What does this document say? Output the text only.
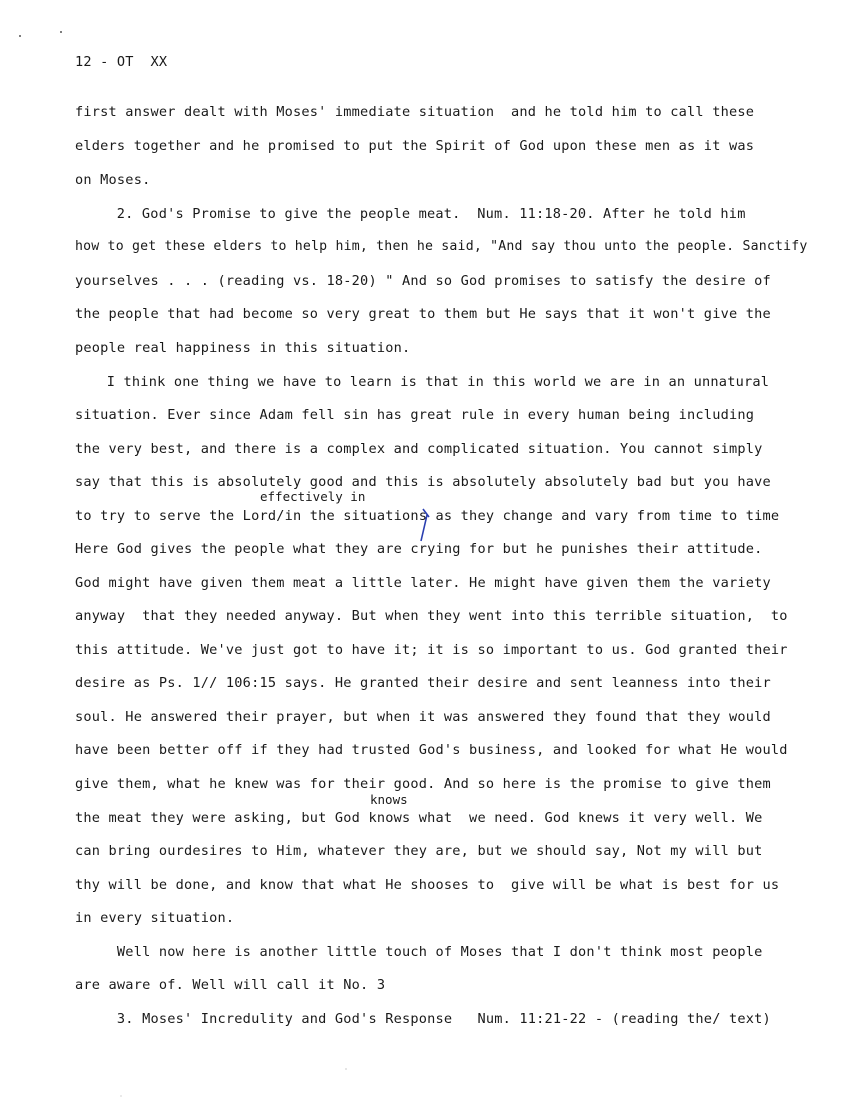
12 - OT  XX
first answer dealt with Moses' immediate situation  and he told him to call these
elders together and he promised to put the Spirit of God upon these men as it was
on Moses.
2. God's Promise to give the people meat.  Num. 11:18-20. After he told him
how to get these elders to help him, then he said, "And say thou unto the people. Sanctify
yourselves . . . (reading vs. 18-20) " And so God promises to satisfy the desire of
the people that had become so very great to them but He says that it won't give the
people real happiness in this situation.
I think one thing we have to learn is that in this world we are in an unnatural
situation. Ever since Adam fell sin has great rule in every human being including
the very best, and there is a complex and complicated situation. You cannot simply
say that this is absolutely good and this is absolutely absolutely bad but you have
effectively in
to try to serve the Lord/in the situations as they change and vary from time to time
Here God gives the people what they are crying for but he punishes their attitude.
God might have given them meat a little later. He might have given them the variety
anyway  that they needed anyway. But when they went into this terrible situation,  to
this attitude. We've just got to have it; it is so important to us. God granted their
desire as Ps. 1// 106:15 says. He granted their desire and sent leanness into their
soul. He answered their prayer, but when it was answered they found that they would
have been better off if they had trusted God's business, and looked for what He would
give them, what he knew was for their good. And so here is the promise to give them
knows
the meat they were asking, but God knows what  we need. God knews it very well. We
can bring ourdesires to Him, whatever they are, but we should say, Not my will but
thy will be done, and know that what He shooses to  give will be what is best for us
in every situation.
Well now here is another little touch of Moses that I don't think most people
are aware of. Well will call it No. 3
3. Moses' Incredulity and God's Response   Num. 11:21-22 - (reading the/ text)
